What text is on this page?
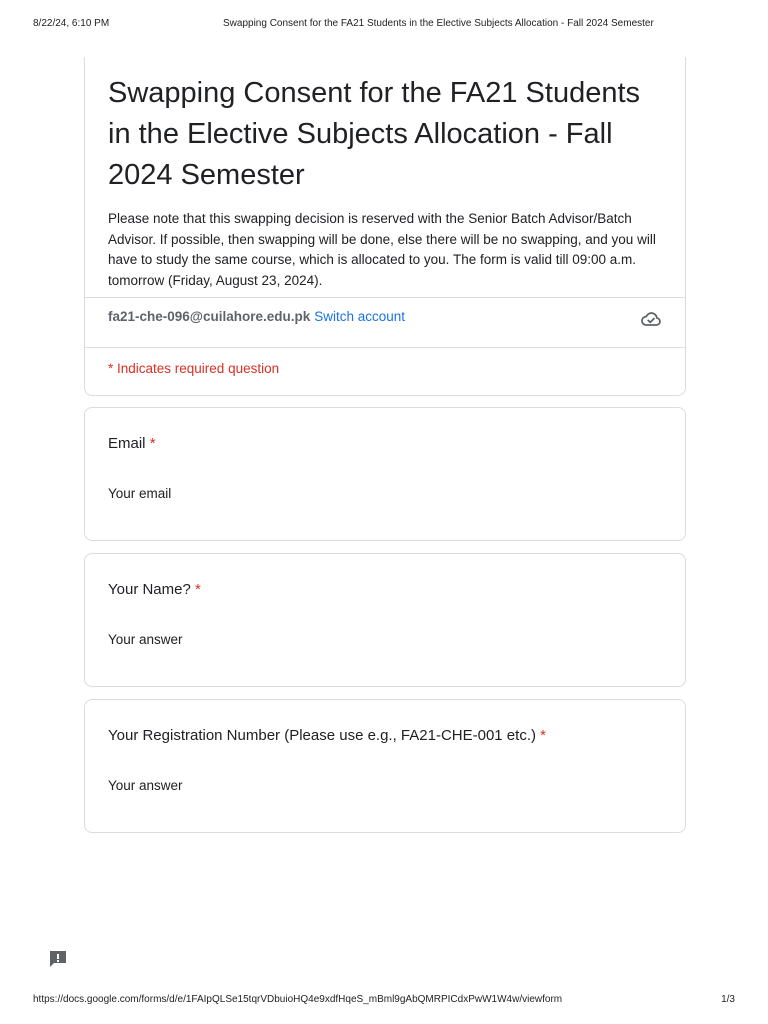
8/22/24, 6:10 PM	Swapping Consent for the FA21 Students in the Elective Subjects Allocation - Fall 2024 Semester
Swapping Consent for the FA21 Students in the Elective Subjects Allocation - Fall 2024 Semester
Please note that this swapping decision is reserved with the Senior Batch Advisor/Batch Advisor. If possible, then swapping will be done, else there will be no swapping, and you will have to study the same course, which is allocated to you. The form is valid till 09:00 a.m. tomorrow (Friday, August 23, 2024).
fa21-che-096@cuilahore.edu.pk Switch account
* Indicates required question
Email *
Your email
Your Name? *
Your answer
Your Registration Number (Please use e.g., FA21-CHE-001 etc.) *
Your answer
https://docs.google.com/forms/d/e/1FAIpQLSe15tqrVDbuioHQ4e9xdfHqeS_mBml9gAbQMRPICdxPwW1W4w/viewform	1/3
